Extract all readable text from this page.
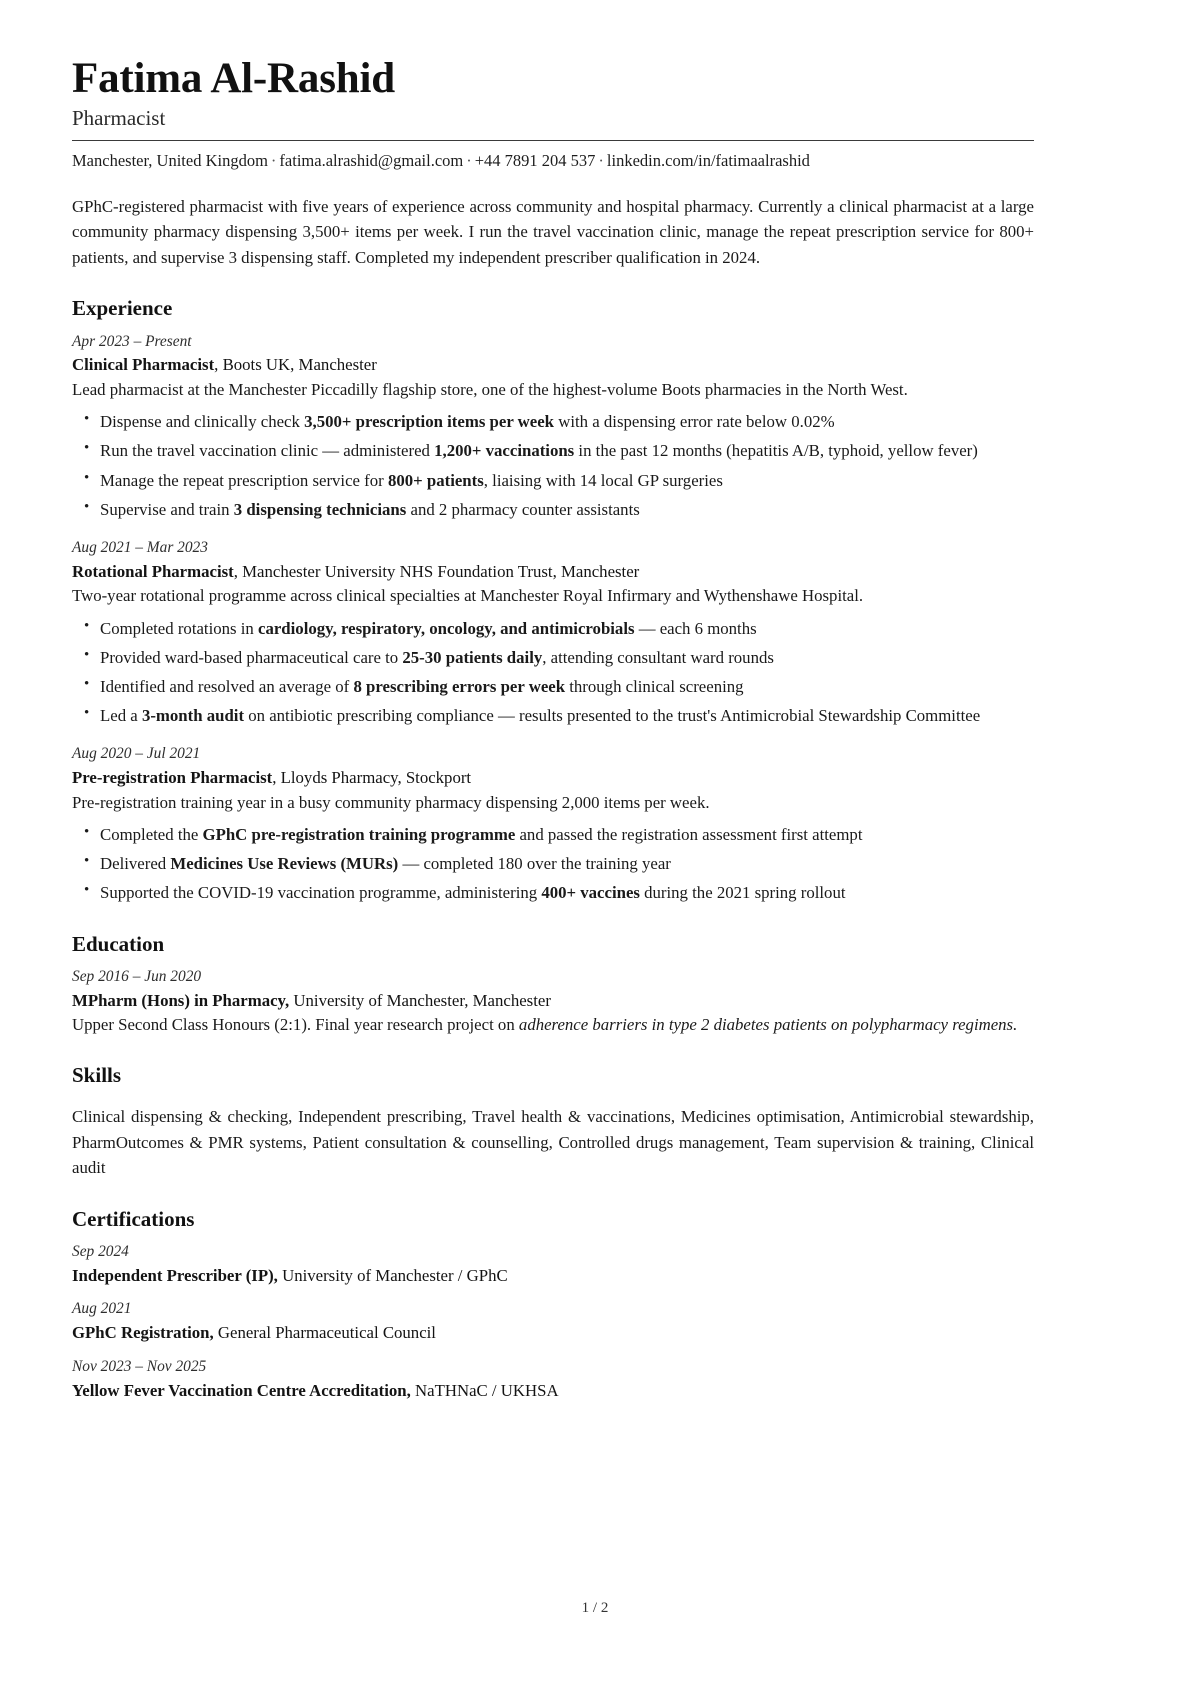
Fatima Al-Rashid
Pharmacist
Manchester, United Kingdom · fatima.alrashid@gmail.com · +44 7891 204 537 · linkedin.com/in/fatimaalrashid

GPhC-registered pharmacist with five years of experience across community and hospital pharmacy. Currently a clinical pharmacist at a large community pharmacy dispensing 3,500+ items per week. I run the travel vaccination clinic, manage the repeat prescription service for 800+ patients, and supervise 3 dispensing staff. Completed my independent prescriber qualification in 2024.

Experience
Apr 2023 – Present
Clinical Pharmacist, Boots UK, Manchester
Lead pharmacist at the Manchester Piccadilly flagship store, one of the highest-volume Boots pharmacies in the North West.
• Dispense and clinically check 3,500+ prescription items per week with a dispensing error rate below 0.02%
• Run the travel vaccination clinic — administered 1,200+ vaccinations in the past 12 months (hepatitis A/B, typhoid, yellow fever)
• Manage the repeat prescription service for 800+ patients, liaising with 14 local GP surgeries
• Supervise and train 3 dispensing technicians and 2 pharmacy counter assistants
Aug 2021 – Mar 2023
Rotational Pharmacist, Manchester University NHS Foundation Trust, Manchester
Two-year rotational programme across clinical specialties at Manchester Royal Infirmary and Wythenshawe Hospital.
• Completed rotations in cardiology, respiratory, oncology, and antimicrobials — each 6 months
• Provided ward-based pharmaceutical care to 25-30 patients daily, attending consultant ward rounds
• Identified and resolved an average of 8 prescribing errors per week through clinical screening
• Led a 3-month audit on antibiotic prescribing compliance — results presented to the trust's Antimicrobial Stewardship Committee
Aug 2020 – Jul 2021
Pre-registration Pharmacist, Lloyds Pharmacy, Stockport
Pre-registration training year in a busy community pharmacy dispensing 2,000 items per week.
• Completed the GPhC pre-registration training programme and passed the registration assessment first attempt
• Delivered Medicines Use Reviews (MURs) — completed 180 over the training year
• Supported the COVID-19 vaccination programme, administering 400+ vaccines during the 2021 spring rollout
Education
Sep 2016 – Jun 2020
MPharm (Hons) in Pharmacy, University of Manchester, Manchester
Upper Second Class Honours (2:1). Final year research project on adherence barriers in type 2 diabetes patients on polypharmacy regimens.
Skills

Clinical dispensing & checking, Independent prescribing, Travel health & vaccinations, Medicines optimisation, Antimicrobial stewardship, PharmOutcomes & PMR systems, Patient consultation & counselling, Controlled drugs management, Team supervision & training, Clinical audit

Certifications
Sep 2024
Independent Prescriber (IP), University of Manchester / GPhC
Aug 2021
GPhC Registration, General Pharmaceutical Council
Nov 2023 – Nov 2025
Yellow Fever Vaccination Centre Accreditation, NaTHNaC / UKHSA
1 / 2
